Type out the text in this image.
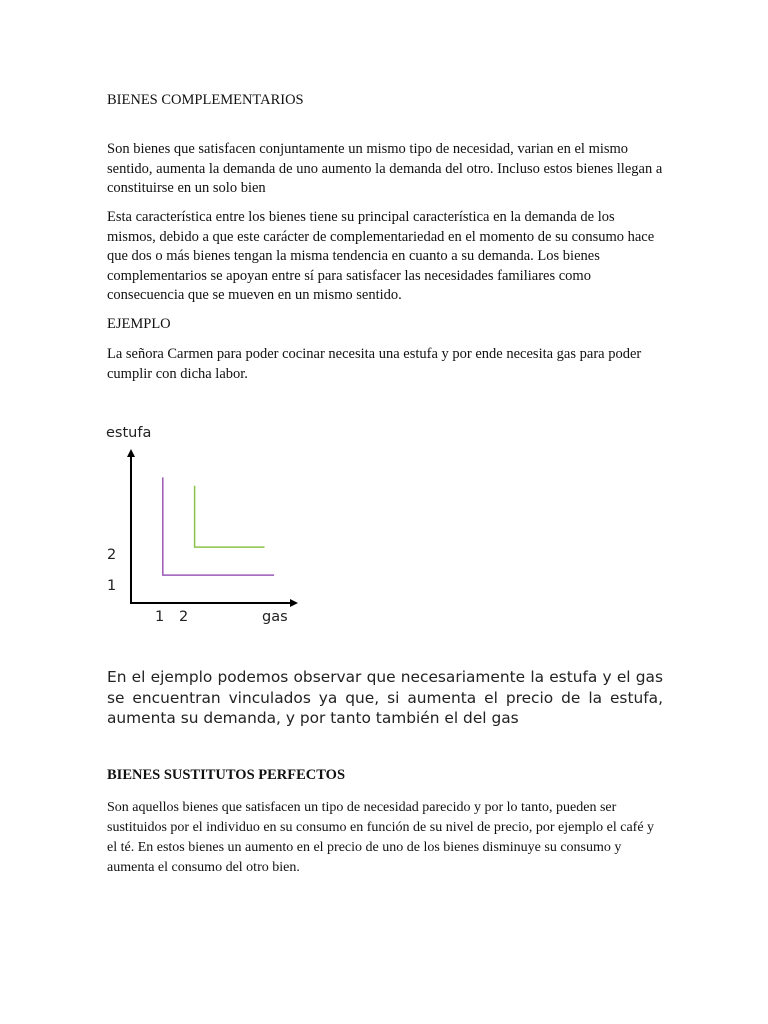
BIENES COMPLEMENTARIOS

Son bienes que satisfacen conjuntamente un mismo tipo de necesidad, varian en el mismo sentido, aumenta la demanda de uno aumento la demanda del otro. Incluso estos bienes llegan a constituirse en un solo bien

Esta característica entre los bienes tiene su principal característica en la demanda de los mismos, debido a que este carácter de complementariedad en el momento de su consumo hace que dos o más bienes tengan la misma tendencia en cuanto a su demanda. Los bienes complementarios se apoyan entre sí para satisfacer las necesidades familiares como consecuencia que se mueven en un mismo sentido.

EJEMPLO

La señora Carmen para poder cocinar necesita una estufa y por ende necesita gas para poder cumplir con dicha labor.

estufa
gas
1 2
2
1

En el ejemplo podemos observar que necesariamente la estufa y el gas se encuentran vinculados ya que, si aumenta el precio de la estufa, aumenta su demanda, y por tanto también el del gas

BIENES SUSTITUTOS PERFECTOS

Son aquellos bienes que satisfacen un tipo de necesidad parecido y por lo tanto, pueden ser sustituidos por el individuo en su consumo en función de su nivel de precio, por ejemplo el café y el té. En estos bienes un aumento en el precio de uno de los bienes disminuye su consumo y aumenta el consumo del otro bien.
